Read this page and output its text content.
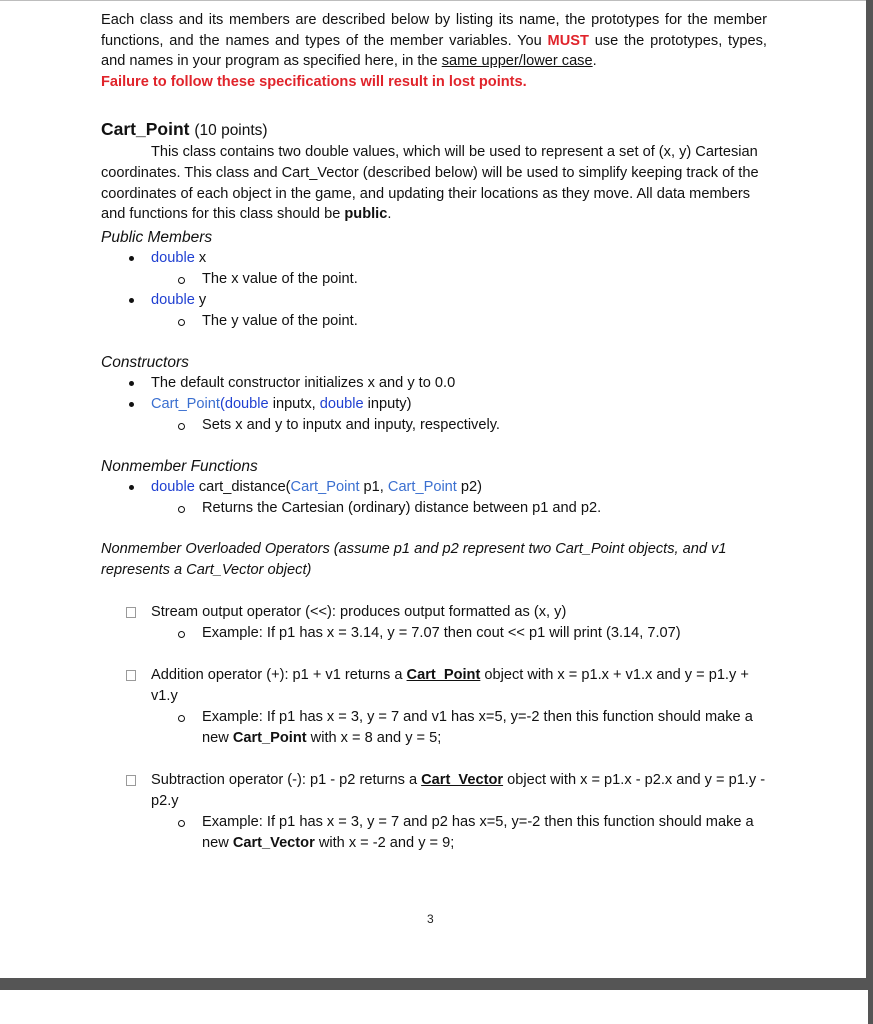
Each class and its members are described below by listing its name, the prototypes for the member functions, and the names and types of the member variables. You MUST use the prototypes, types, and names in your program as specified here, in the same upper/lower case.
Failure to follow these specifications will result in lost points.

Cart_Point (10 points)

This class contains two double values, which will be used to represent a set of (x, y) Cartesian coordinates. This class and Cart_Vector (described below) will be used to simplify keeping track of the coordinates of each object in the game, and updating their locations as they move. All data members and functions for this class should be public.

Public Members
double x
The x value of the point.
double y
The y value of the point.
Constructors
The default constructor initializes x and y to 0.0
Cart_Point(double inputx, double inputy)
Sets x and y to inputx and inputy, respectively.
Nonmember Functions
double cart_distance(Cart_Point p1, Cart_Point p2)
Returns the Cartesian (ordinary) distance between p1 and p2.
Nonmember Overloaded Operators (assume p1 and p2 represent two Cart_Point objects, and v1 represents a Cart_Vector object)
Stream output operator (<<): produces output formatted as (x, y)
Example: If p1 has x = 3.14, y = 7.07 then cout << p1 will print (3.14, 7.07)
Addition operator (+): p1 + v1 returns a Cart_Point object with x = p1.x + v1.x and y = p1.y + v1.y
Example: If p1 has x = 3, y = 7 and v1 has x=5, y=-2 then this function should make a new Cart_Point with x = 8 and y = 5;
Subtraction operator (-): p1 - p2 returns a Cart_Vector object with x = p1.x - p2.x and y = p1.y - p2.y
Example: If p1 has x = 3, y = 7 and p2 has x=5, y=-2 then this function should make a new Cart_Vector with x = -2 and y = 9;
3
